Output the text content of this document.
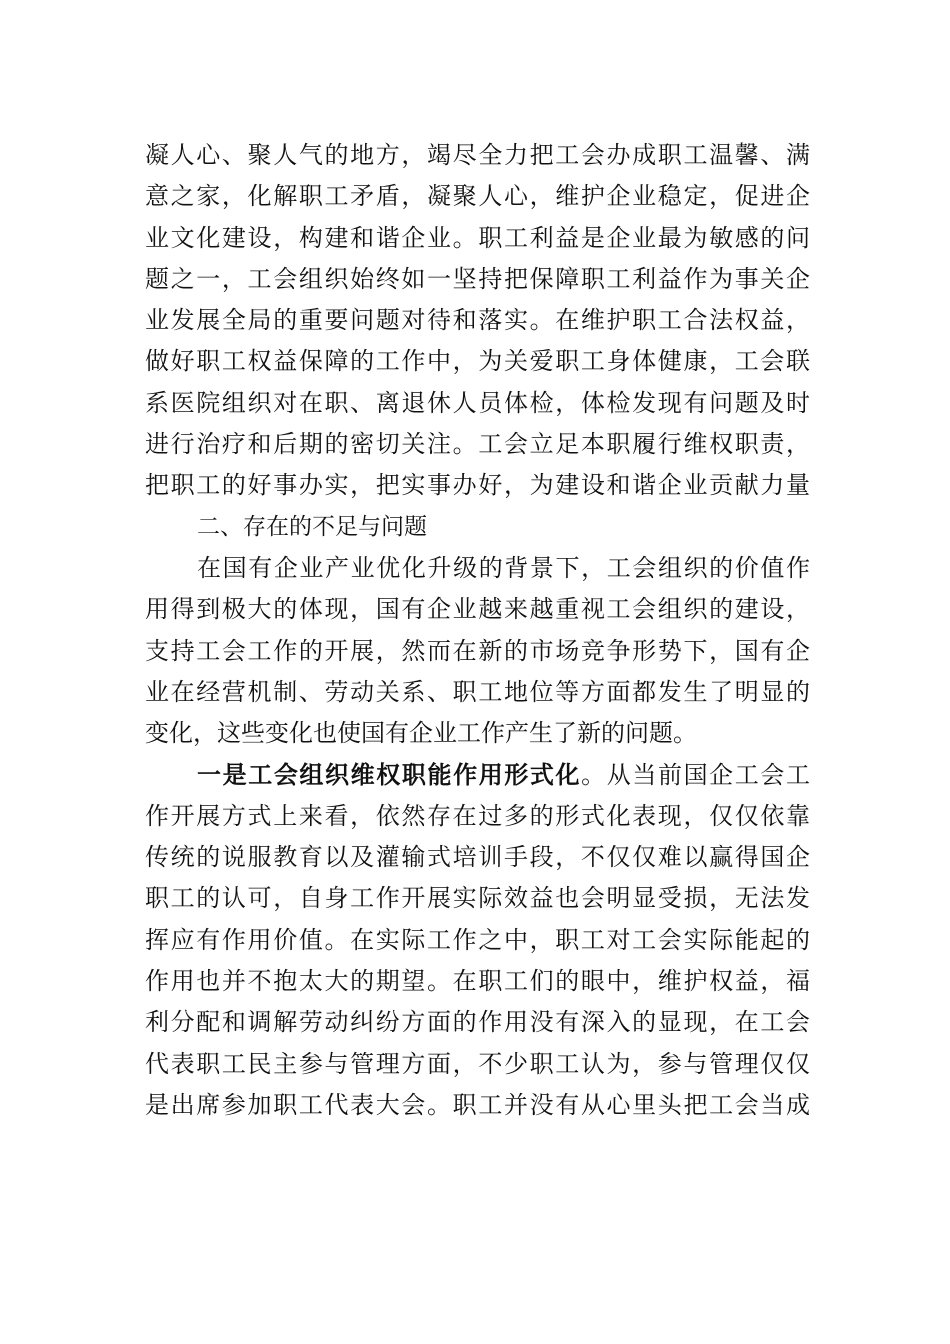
凝人心、聚人气的地方，竭尽全力把工会办成职工温馨、满
意之家，化解职工矛盾，凝聚人心，维护企业稳定，促进企
业文化建设，构建和谐企业。职工利益是企业最为敏感的问
题之一，工会组织始终如一坚持把保障职工利益作为事关企
业发展全局的重要问题对待和落实。在维护职工合法权益，
做好职工权益保障的工作中，为关爱职工身体健康，工会联
系医院组织对在职、离退休人员体检，体检发现有问题及时
进行治疗和后期的密切关注。工会立足本职履行维权职责，
把职工的好事办实，把实事办好，为建设和谐企业贡献力量
二、存在的不足与问题
在国有企业产业优化升级的背景下，工会组织的价值作
用得到极大的体现，国有企业越来越重视工会组织的建设，
支持工会工作的开展，然而在新的市场竞争形势下，国有企
业在经营机制、劳动关系、职工地位等方面都发生了明显的
变化，这些变化也使国有企业工作产生了新的问题。
一是工会组织维权职能作用形式化。从当前国企工会工
作开展方式上来看，依然存在过多的形式化表现，仅仅依靠
传统的说服教育以及灌输式培训手段，不仅仅难以赢得国企
职工的认可，自身工作开展实际效益也会明显受损，无法发
挥应有作用价值。在实际工作之中，职工对工会实际能起的
作用也并不抱太大的期望。在职工们的眼中，维护权益，福
利分配和调解劳动纠纷方面的作用没有深入的显现，在工会
代表职工民主参与管理方面，不少职工认为，参与管理仅仅
是出席参加职工代表大会。职工并没有从心里头把工会当成
